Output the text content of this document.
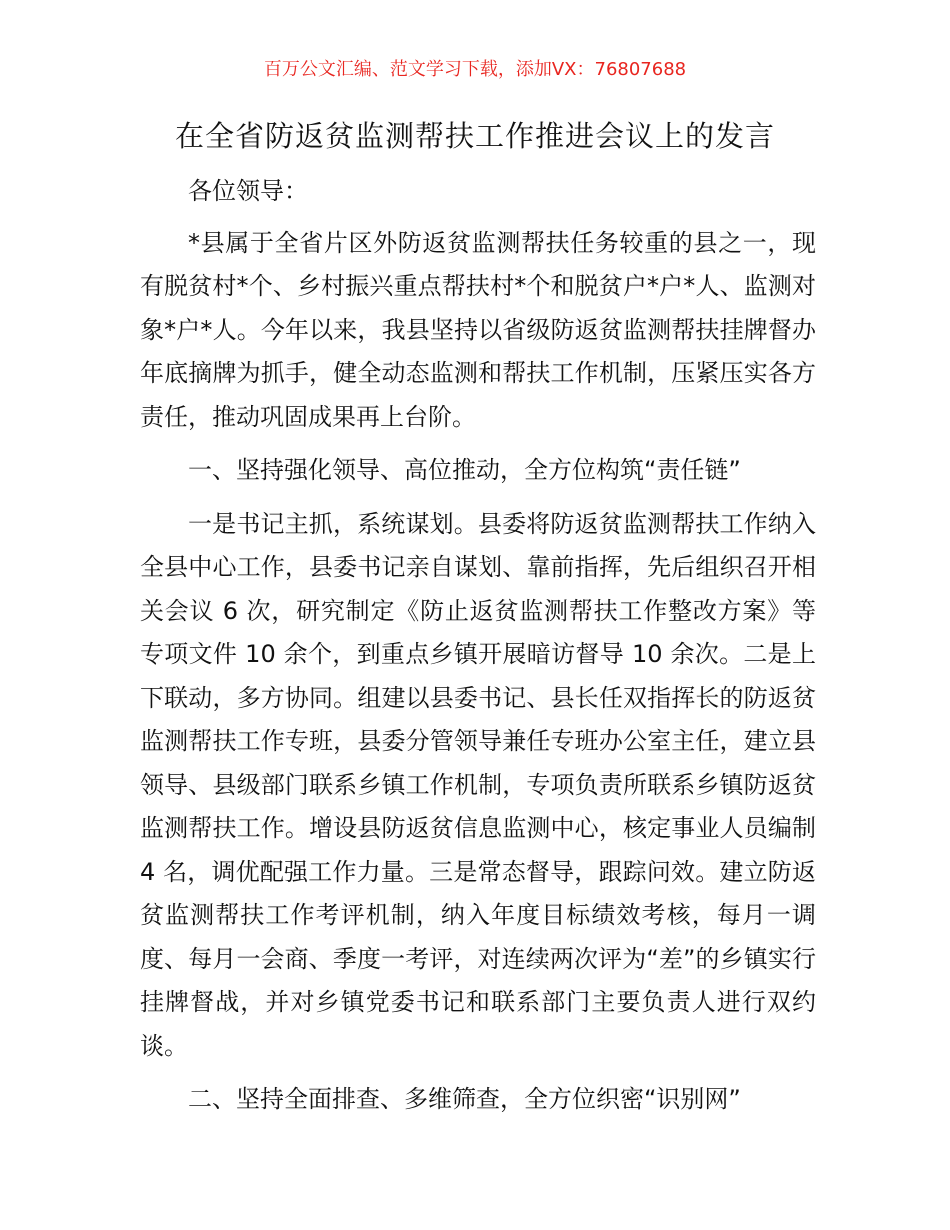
百万公文汇编、范文学习下载，添加VX：76807688
在全省防返贫监测帮扶工作推进会议上的发言

各位领导：

*县属于全省片区外防返贫监测帮扶任务较重的县之一，现有脱贫村*个、乡村振兴重点帮扶村*个和脱贫户*户*人、监测对象*户*人。今年以来，我县坚持以省级防返贫监测帮扶挂牌督办年底摘牌为抓手，健全动态监测和帮扶工作机制，压紧压实各方责任，推动巩固成果再上台阶。

一、坚持强化领导、高位推动，全方位构筑“责任链”

一是书记主抓，系统谋划。县委将防返贫监测帮扶工作纳入全县中心工作，县委书记亲自谋划、靠前指挥，先后组织召开相关会议 6 次，研究制定《防止返贫监测帮扶工作整改方案》等专项文件 10 余个，到重点乡镇开展暗访督导 10 余次。二是上下联动，多方协同。组建以县委书记、县长任双指挥长的防返贫监测帮扶工作专班，县委分管领导兼任专班办公室主任，建立县领导、县级部门联系乡镇工作机制，专项负责所联系乡镇防返贫监测帮扶工作。增设县防返贫信息监测中心，核定事业人员编制 4 名，调优配强工作力量。三是常态督导，跟踪问效。建立防返贫监测帮扶工作考评机制，纳入年度目标绩效考核，每月一调度、每月一会商、季度一考评，对连续两次评为“差”的乡镇实行挂牌督战，并对乡镇党委书记和联系部门主要负责人进行双约谈。

二、坚持全面排查、多维筛查，全方位织密“识别网”
